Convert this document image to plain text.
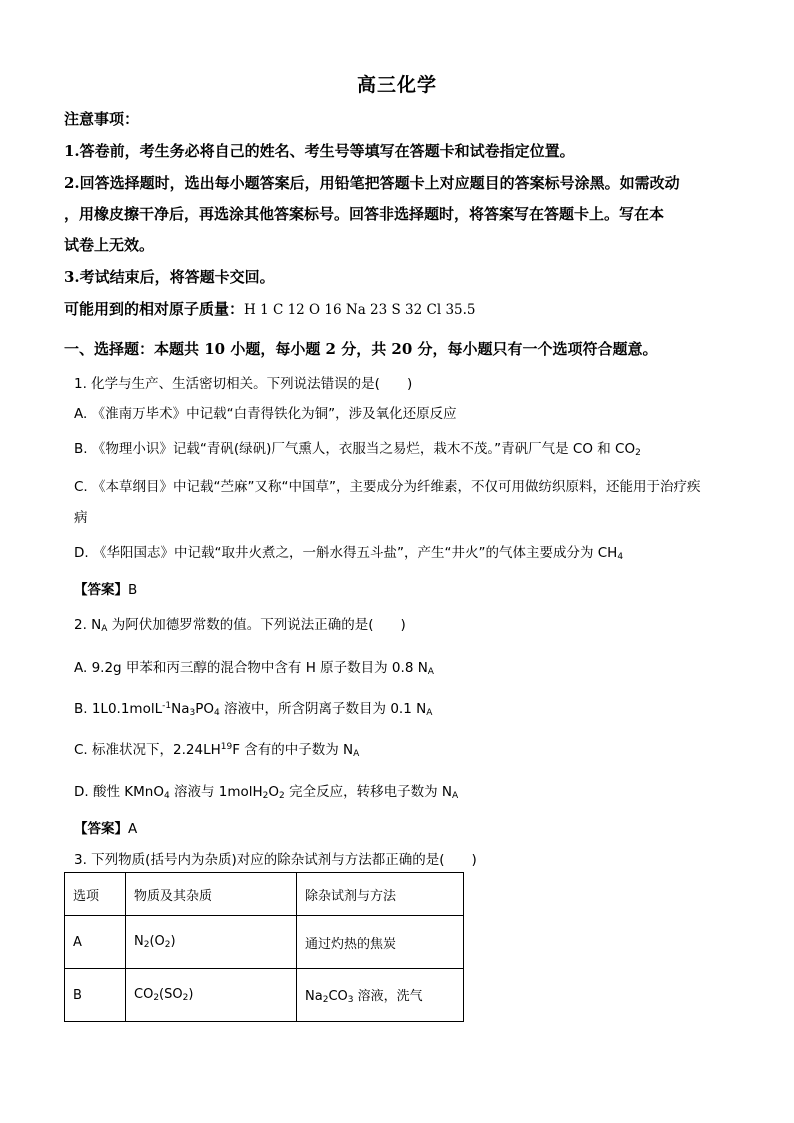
高三化学
注意事项：
1.答卷前，考生务必将自己的姓名、考生号等填写在答题卡和试卷指定位置。
2.回答选择题时，选出每小题答案后，用铅笔把答题卡上对应题目的答案标号涂黑。如需改动
，用橡皮擦干净后，再选涂其他答案标号。回答非选择题时，将答案写在答题卡上。写在本
试卷上无效。
3.考试结束后，将答题卡交回。
可能用到的相对原子质量：H 1 C 12 O 16 Na 23 S 32 Cl 35.5
一、选择题：本题共 10 小题，每小题 2 分，共 20 分，每小题只有一个选项符合题意。
1. 化学与生产、生活密切相关。下列说法错误的是(　　)
A. 《淮南万毕术》中记载“白青得铁化为铜”，涉及氧化还原反应
B. 《物理小识》记载“青矾(绿矾)厂气熏人，衣服当之易烂，栽木不茂。”青矾厂气是 CO 和 $CO_2$
C. 《本草纲目》中记载“苎麻”又称“中国草”，主要成分为纤维素，不仅可用做纺织原料，还能用于治疗疾
病
D. 《华阳国志》中记载“取井火煮之，一斛水得五斗盐”，产生“井火”的气体主要成分为 $CH_4$
【答案】B
2. $N_A$ 为阿伏加德罗常数的值。下列说法正确的是(　　)
A. 9.2g 甲苯和丙三醇的混合物中含有 H 原子数目为 0.8 $N_A$
B. $1L0.1molL^{-1}Na_3PO_4$ 溶液中，所含阴离子数目为 0.1 $N_A$
C. 标准状况下，2.24LH$^{19}$F 含有的中子数为 $N_A$
D. 酸性 KMnO$_4$ 溶液与 $1molH_2O_2$ 完全反应，转移电子数为 $N_A$
【答案】A
3. 下列物质(括号内为杂质)对应的除杂试剂与方法都正确的是(　　)
选项	物质及其杂质	除杂试剂与方法
A	$N_2(O_2)$	通过灼热的焦炭
B	$CO_2(SO_2)$	$Na_2CO_3$ 溶液，洗气
